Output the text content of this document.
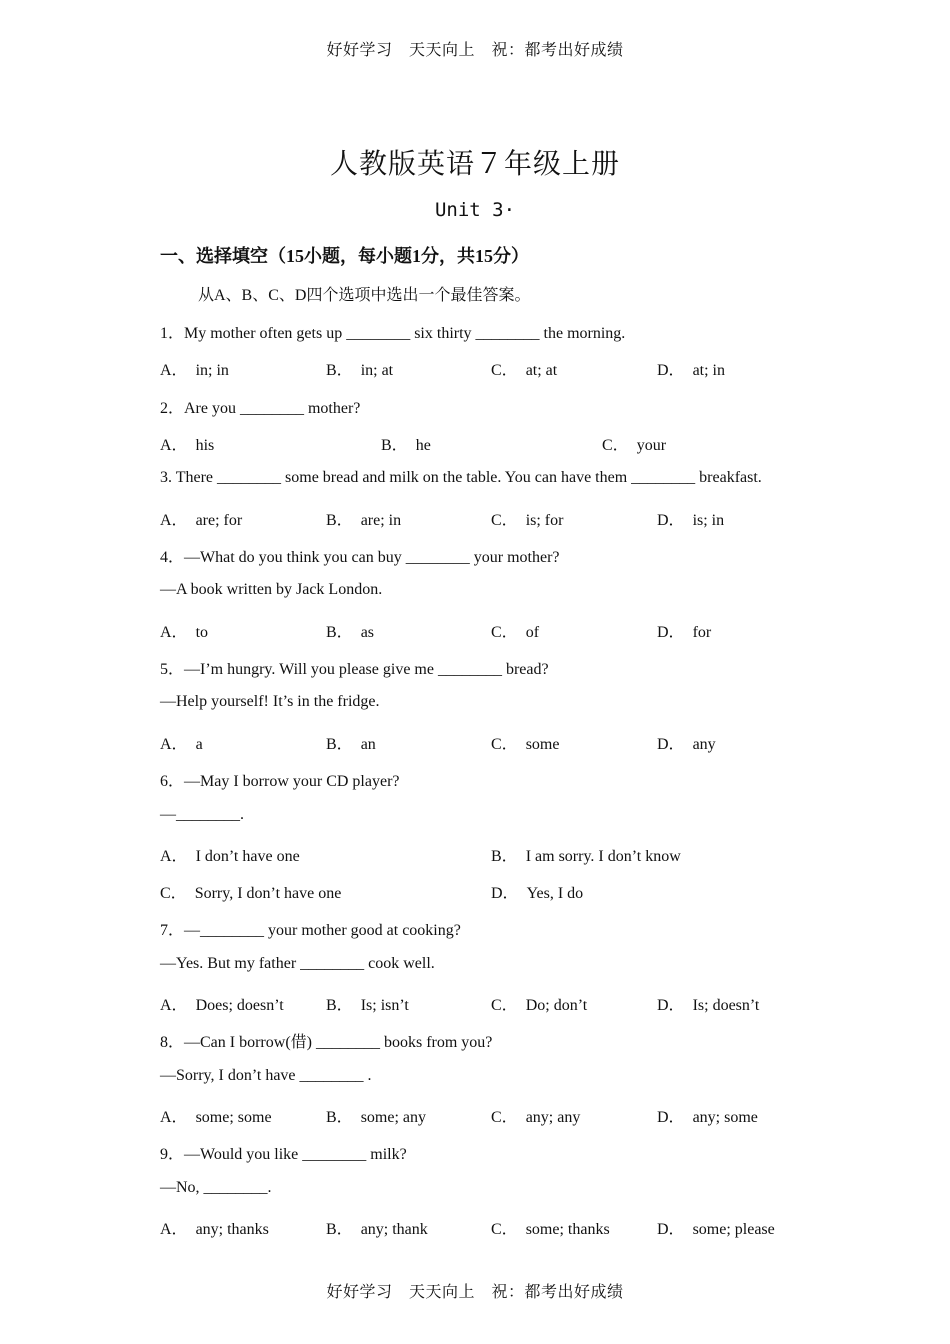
好好学习　天天向上　祝：都考出好成绩
人教版英语７年级上册
Unit 3·
一、选择填空（15小题，每小题1分，共15分）
从A、B、C、D四个选项中选出一个最佳答案。
1．My mother often gets up ________ six thirty ________ the morning.
A． in; in	B． in; at	C． at; at	D． at; in
2．Are you ________ mother?
A． his	B． he	C． your
3. There ________ some bread and milk on the table. You can have them ________ breakfast.
A． are; for	B． are; in	C． is; for	D． is; in
4．—What do you think you can buy ________ your mother?
—A book written by Jack London.
A． to	B． as	C． of	D． for
5．—I’m hungry. Will you please give me ________ bread?
—Help yourself! It’s in the fridge.
A． a	B． an	C． some	D． any
6．—May I borrow your CD player?
—________.
A． I don’t have one	B． I am sorry. I don’t know
C． Sorry, I don’t have one	D． Yes, I do
7．—________ your mother good at cooking?
—Yes. But my father ________ cook well.
A． Does; doesn’t	B． Is; isn’t	C． Do; don’t	D． Is; doesn’t
8．—Can I borrow(借) ________ books from you?
—Sorry, I don’t have ________ .
A． some; some	B． some; any	C． any; any	D． any; some
9．—Would you like ________ milk?
—No, ________.
A． any; thanks	B． any; thank	C． some; thanks	D． some; please
好好学习　天天向上　祝：都考出好成绩
